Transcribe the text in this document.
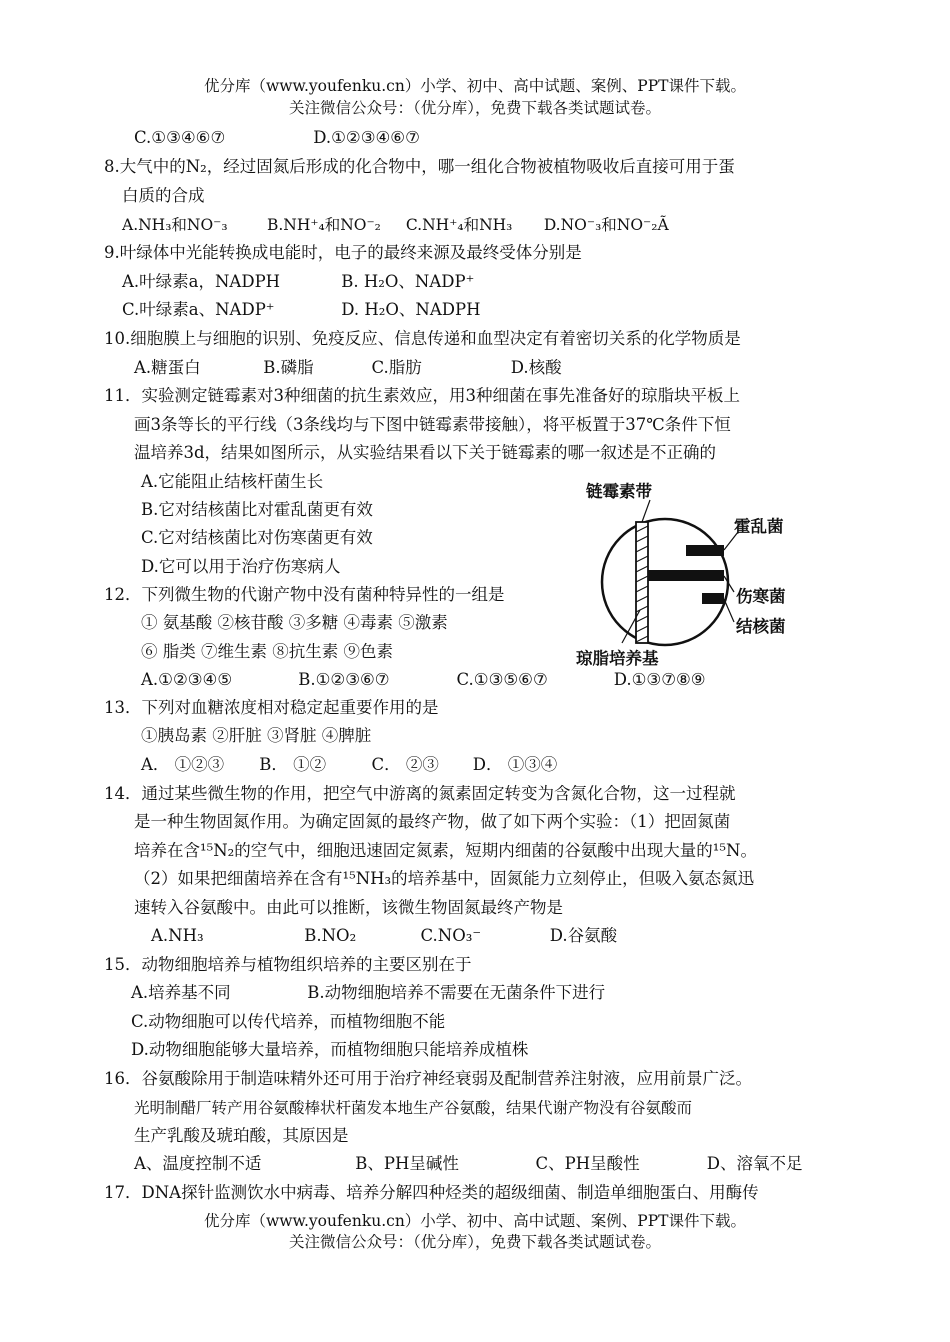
优分库（www.youfenku.cn）小学、初中、高中试题、案例、PPT课件下载。
关注微信公众号：（优分库），免费下载各类试题试卷。
C.①③④⑥⑦	D.①②③④⑥⑦
8.大气中的N₂，经过固氮后形成的化合物中，哪一组化合物被植物吸收后直接可用于蛋
白质的合成
A.NH₃和NO⁻₃	B.NH⁺₄和NO⁻₂ C.NH⁺₄和NH₃ D.NO⁻₃和NO⁻₂Ã
9.叶绿体中光能转换成电能时，电子的最终来源及最终受体分别是
A.叶绿素a，NADPH	B. H₂O、NADP⁺
C.叶绿素a、NADP⁺	D. H₂O、NADPH
10.细胞膜上与细胞的识别、免疫反应、信息传递和血型决定有着密切关系的化学物质是
A.糖蛋白	B.磷脂	C.脂肪	D.核酸
11．实验测定链霉素对3种细菌的抗生素效应，用3种细菌在事先准备好的琼脂块平板上
画3条等长的平行线（3条线均与下图中链霉素带接触），将平板置于37℃条件下恒
温培养3d，结果如图所示，从实验结果看以下关于链霉素的哪一叙述是不正确的
A.它能阻止结核杆菌生长
B.它对结核菌比对霍乱菌更有效
C.它对结核菌比对伤寒菌更有效
D.它可以用于治疗伤寒病人
链霉素带
霍乱菌
伤寒菌
结核菌
琼脂培养基
12．下列微生物的代谢产物中没有菌种特异性的一组是
① 氨基酸 ②核苷酸 ③多糖 ④毒素 ⑤激素
⑥ 脂类 ⑦维生素 ⑧抗生素 ⑨色素
A.①②③④⑤	B.①②③⑥⑦	C.①③⑤⑥⑦	D.①③⑦⑧⑨
13．下列对血糖浓度相对稳定起重要作用的是
①胰岛素 ②肝脏 ③肾脏 ④脾脏
A． ①②③ B． ①②	C． ②③ D． ①③④
14．通过某些微生物的作用，把空气中游离的氮素固定转变为含氮化合物，这一过程就
是一种生物固氮作用。为确定固氮的最终产物，做了如下两个实验：（1）把固氮菌
培养在含¹⁵N₂的空气中，细胞迅速固定氮素，短期内细菌的谷氨酸中出现大量的¹⁵N。
（2）如果把细菌培养在含有¹⁵NH₃的培养基中，固氮能力立刻停止，但吸入氨态氮迅
速转入谷氨酸中。由此可以推断，该微生物固氮最终产物是
A.NH₃	B.NO₂	C.NO₃⁻	D.谷氨酸
15．动物细胞培养与植物组织培养的主要区别在于
A.培养基不同	B.动物细胞培养不需要在无菌条件下进行
C.动物细胞可以传代培养，而植物细胞不能
D.动物细胞能够大量培养，而植物细胞只能培养成植株
16．谷氨酸除用于制造味精外还可用于治疗神经衰弱及配制营养注射液，应用前景广泛。
光明制醋厂转产用谷氨酸棒状杆菌发本地生产谷氨酸，结果代谢产物没有谷氨酸而
生产乳酸及琥珀酸，其原因是
A、温度控制不适	B、PH呈碱性	C、PH呈酸性	D、溶氧不足
17．DNA探针监测饮水中病毒、培养分解四种烃类的超级细菌、制造单细胞蛋白、用酶传
优分库（www.youfenku.cn）小学、初中、高中试题、案例、PPT课件下载。
关注微信公众号：（优分库），免费下载各类试题试卷。
